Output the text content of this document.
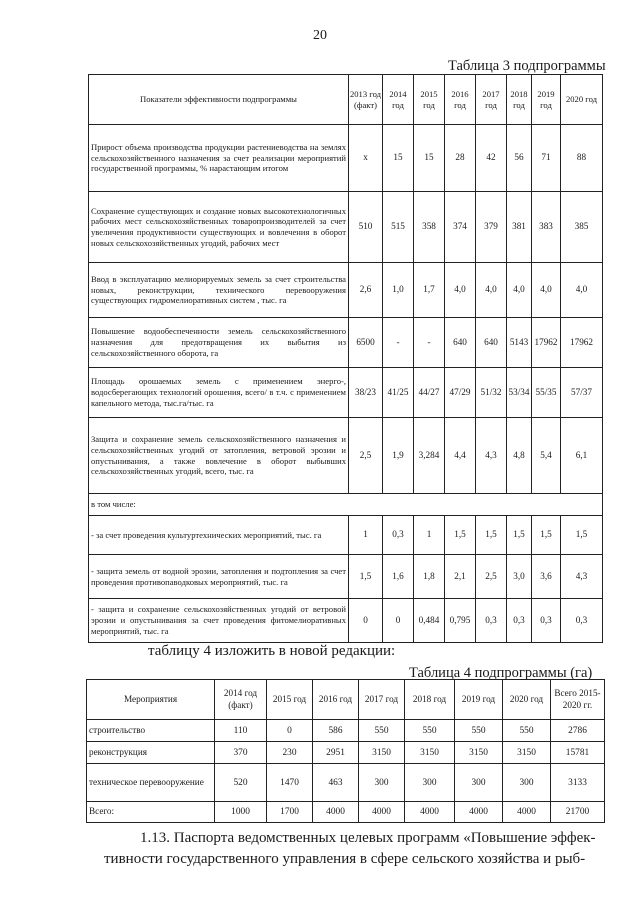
20
Таблица 3 подпрограммы
Показатели эффективности подпрограммы	2013 год (факт)	2014 год	2015 год	2016 год	2017 год	2018 год	2019 год	2020 год
Прирост объема производства продукции растениеводства на землях сельскохозяйственного назначения за счет реализации мероприятий государственной программы, % нарастающим итогом	x	15	15	28	42	56	71	88
Сохранение существующих и создание новых высокотехнологичных рабочих мест сельскохозяйственных товаропроизводителей за счет увеличения продуктивности существующих и вовлечения в оборот новых сельскохозяйственных угодий, рабочих мест	510	515	358	374	379	381	383	385
Ввод в эксплуатацию мелиорируемых земель за счет строительства новых, реконструкции, технического перевооружения существующих гидромелиоративных систем , тыс. га	2,6	1,0	1,7	4,0	4,0	4,0	4,0	4,0
Повышение водообеспеченности земель сельскохозяйственного назначения для предотвращения их выбытия из сельскохозяйственного оборота, га	6500	-	-	640	640	5143	17962	17962
Площадь орошаемых земель с применением энерго-, водосберегающих технологий орошения, всего/ в т.ч. с применением капельного метода, тыс.га/тыс. га	38/23	41/25	44/27	47/29	51/32	53/34	55/35	57/37
Защита и сохранение земель сельскохозяйственного назначения и сельскохозяйственных угодий от затопления, ветровой эрозии и опустынивания, а также вовлечение в оборот выбывших сельскохозяйственных угодий, всего, тыс. га	2,5	1,9	3,284	4,4	4,3	4,8	5,4	6,1
в том числе:								
- за счет проведения культуртехнических мероприятий, тыс. га	1	0,3	1	1,5	1,5	1,5	1,5	1,5
- защита земель от водной эрозии, затопления и подтопления за счет проведения противопаводковых мероприятий, тыс. га	1,5	1,6	1,8	2,1	2,5	3,0	3,6	4,3
- защита и сохранение сельскохозяйственных угодий от ветровой эрозии и опустынивания за счет проведения фитомелиоративных мероприятий, тыс. га	0	0	0,484	0,795	0,3	0,3	0,3	0,3
таблицу 4 изложить в новой редакции:
Таблица 4 подпрограммы (га)
Мероприятия	2014 год (факт)	2015 год	2016 год	2017 год	2018 год	2019 год	2020 год	Всего 2015-2020 гг.
строительство	110	0	586	550	550	550	550	2786
реконструкция	370	230	2951	3150	3150	3150	3150	15781
техническое перевооружение	520	1470	463	300	300	300	300	3133
Всего:	1000	1700	4000	4000	4000	4000	4000	21700

1.13. Паспорта ведомственных целевых программ «Повышение эффек-

тивности государственного управления в сфере сельского хозяйства и рыб-
